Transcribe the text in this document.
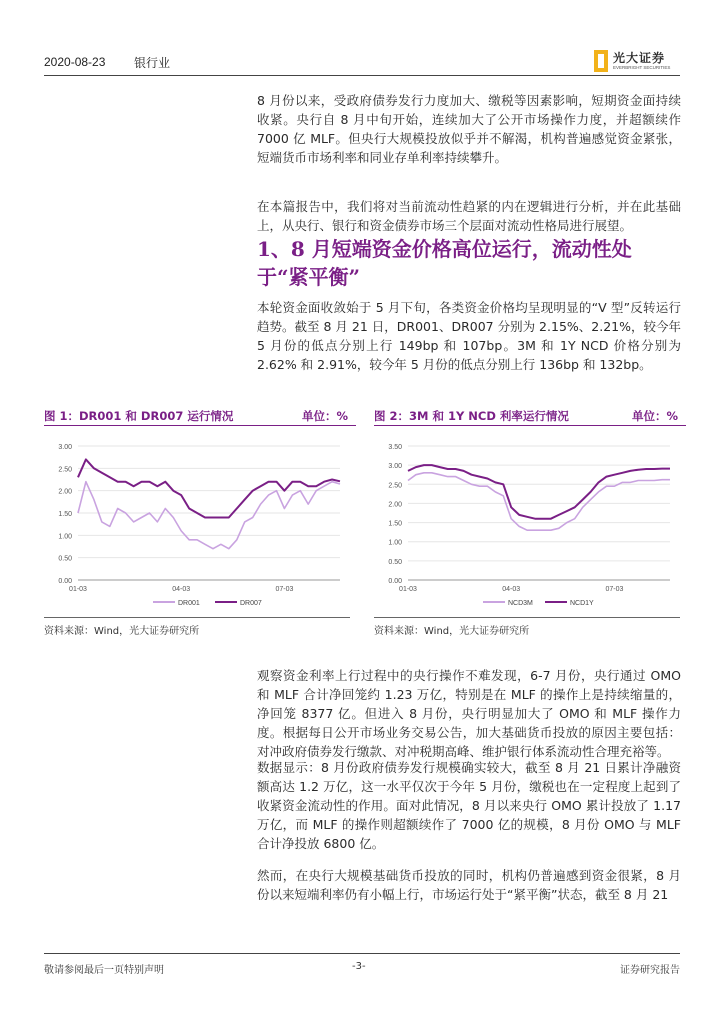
2020-08-23 银行业	光大证券
EVERBRIGHT SECURITIES
8 月份以来，受政府债券发行力度加大、缴税等因素影响，短期资金面持续收紧。央行自 8 月中旬开始，连续加大了公开市场操作力度，并超额续作 7000 亿 MLF。但央行大规模投放似乎并不解渴，机构普遍感觉资金紧张，短端货币市场利率和同业存单利率持续攀升。
在本篇报告中，我们将对当前流动性趋紧的内在逻辑进行分析，并在此基础上，从央行、银行和资金债券市场三个层面对流动性格局进行展望。
1、8 月短端资金价格高位运行，流动性处于“紧平衡”
本轮资金面收敛始于 5 月下旬，各类资金价格均呈现明显的“V 型”反转运行趋势。截至 8 月 21 日，DR001、DR007 分别为 2.15%、2.21%，较今年 5 月份的低点分别上行 149bp 和 107bp。3M 和 1Y NCD 价格分别为 2.62% 和 2.91%，较今年 5 月份的低点分别上行 136bp 和 132bp。
图 1：DR001 和 DR007 运行情况	单位：%
0.00
0.50
1.00
1.50
2.00
2.50
3.00
01-03	04-03	07-03
DR001	DR007
图 2：3M 和 1Y NCD 利率运行情况	单位：%
0.00
0.50
1.00
1.50
2.00
2.50
3.00
3.50
01-03	04-03	07-03
NCD3M	NCD1Y
资料来源：Wind，光大证券研究所	资料来源：Wind，光大证券研究所
观察资金利率上行过程中的央行操作不难发现，6-7 月份，央行通过 OMO 和 MLF 合计净回笼约 1.23 万亿，特别是在 MLF 的操作上是持续缩量的，净回笼 8377 亿。但进入 8 月份，央行明显加大了 OMO 和 MLF 操作力度。根据每日公开市场业务交易公告，加大基础货币投放的原因主要包括：对冲政府债券发行缴款、对冲税期高峰、维护银行体系流动性合理充裕等。
数据显示：8 月份政府债券发行规模确实较大，截至 8 月 21 日累计净融资额高达 1.2 万亿，这一水平仅次于今年 5 月份，缴税也在一定程度上起到了收紧资金流动性的作用。面对此情况，8 月以来央行 OMO 累计投放了 1.17 万亿，而 MLF 的操作则超额续作了 7000 亿的规模，8 月份 OMO 与 MLF 合计净投放 6800 亿。
然而，在央行大规模基础货币投放的同时，机构仍普遍感到资金很紧，8 月份以来短端利率仍有小幅上行，市场运行处于“紧平衡”状态，截至 8 月 21
敬请参阅最后一页特别声明	-3-	证券研究报告
